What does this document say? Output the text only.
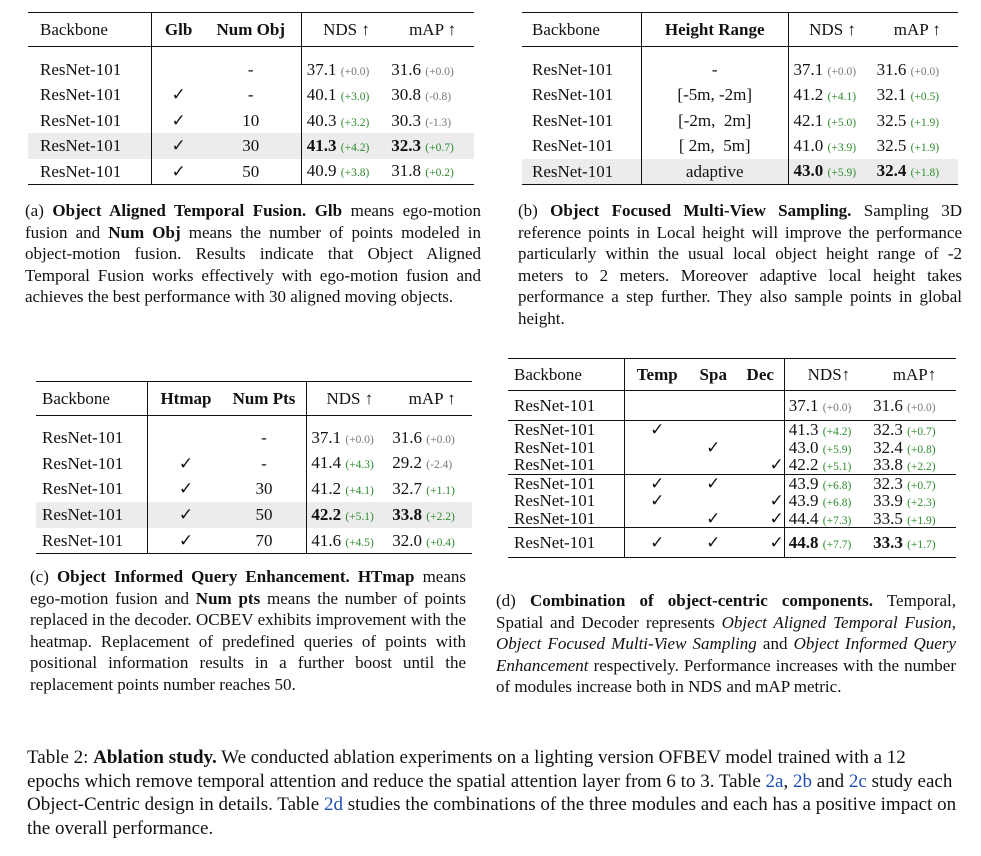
Backbone	Glb	Num Obj	NDS ↑	mAP ↑

ResNet-101		-	37.1 (+0.0)	31.6 (+0.0)
ResNet-101	✓	-	40.1 (+3.0)	30.8 (-0.8)
ResNet-101	✓	10	40.3 (+3.2)	30.3 (-1.3)
ResNet-101	✓	30	41.3 (+4.2)	32.3 (+0.7)
ResNet-101	✓	50	40.9 (+3.8)	31.8 (+0.2)

(a) Object Aligned Temporal Fusion. Glb means ego-motion fusion and Num Obj means the number of points modeled in object-motion fusion. Results indicate that Object Aligned Temporal Fusion works effectively with ego-motion fusion and achieves the best performance with 30 aligned moving objects.
Backbone	Height Range	NDS ↑	mAP ↑

ResNet-101	-	37.1 (+0.0)	31.6 (+0.0)
ResNet-101	[-5m, -2m]	41.2 (+4.1)	32.1 (+0.5)
ResNet-101	[-2m,  2m]	42.1 (+5.0)	32.5 (+1.9)
ResNet-101	[ 2m,  5m]	41.0 (+3.9)	32.5 (+1.9)
ResNet-101	adaptive	43.0 (+5.9)	32.4 (+1.8)
(b) Object Focused Multi-View Sampling. Sampling 3D reference points in Local height will improve the performance particularly within the usual local object height range of -2 meters to 2 meters. Moreover adaptive local height takes performance a step further. They also sample points in global height.
Backbone	Htmap	Num Pts	NDS ↑	mAP ↑

ResNet-101		-	37.1 (+0.0)	31.6 (+0.0)
ResNet-101	✓	-	41.4 (+4.3)	29.2 (-2.4)
ResNet-101	✓	30	41.2 (+4.1)	32.7 (+1.1)
ResNet-101	✓	50	42.2 (+5.1)	33.8 (+2.2)
ResNet-101	✓	70	41.6 (+4.5)	32.0 (+0.4)
(c) Object Informed Query Enhancement. HTmap means ego-motion fusion and Num pts means the number of points replaced in the decoder. OCBEV exhibits improvement with the heatmap. Replacement of predefined queries of points with positional information results in a further boost until the replacement points number reaches 50.
Backbone	Temp	Spa	Dec	NDS↑	mAP↑
ResNet-101				37.1 (+0.0)	31.6 (+0.0)
ResNet-101	✓			41.3 (+4.2)	32.3 (+0.7)
ResNet-101		✓		43.0 (+5.9)	32.4 (+0.8)
ResNet-101			✓	42.2 (+5.1)	33.8 (+2.2)
ResNet-101	✓	✓		43.9 (+6.8)	32.3 (+0.7)
ResNet-101	✓		✓	43.9 (+6.8)	33.9 (+2.3)
ResNet-101		✓	✓	44.4 (+7.3)	33.5 (+1.9)
ResNet-101	✓	✓	✓	44.8 (+7.7)	33.3 (+1.7)
(d) Combination of object-centric components. Temporal, Spatial and Decoder represents Object Aligned Temporal Fusion, Object Focused Multi-View Sampling and Object Informed Query Enhancement respectively. Performance increases with the number of modules increase both in NDS and mAP metric.
Table 2: Ablation study. We conducted ablation experiments on a lighting version OFBEV model trained with a 12 epochs which remove temporal attention and reduce the spatial attention layer from 6 to 3. Table 2a, 2b and 2c study each Object-Centric design in details. Table 2d studies the combinations of the three modules and each has a positive impact on the overall performance.
